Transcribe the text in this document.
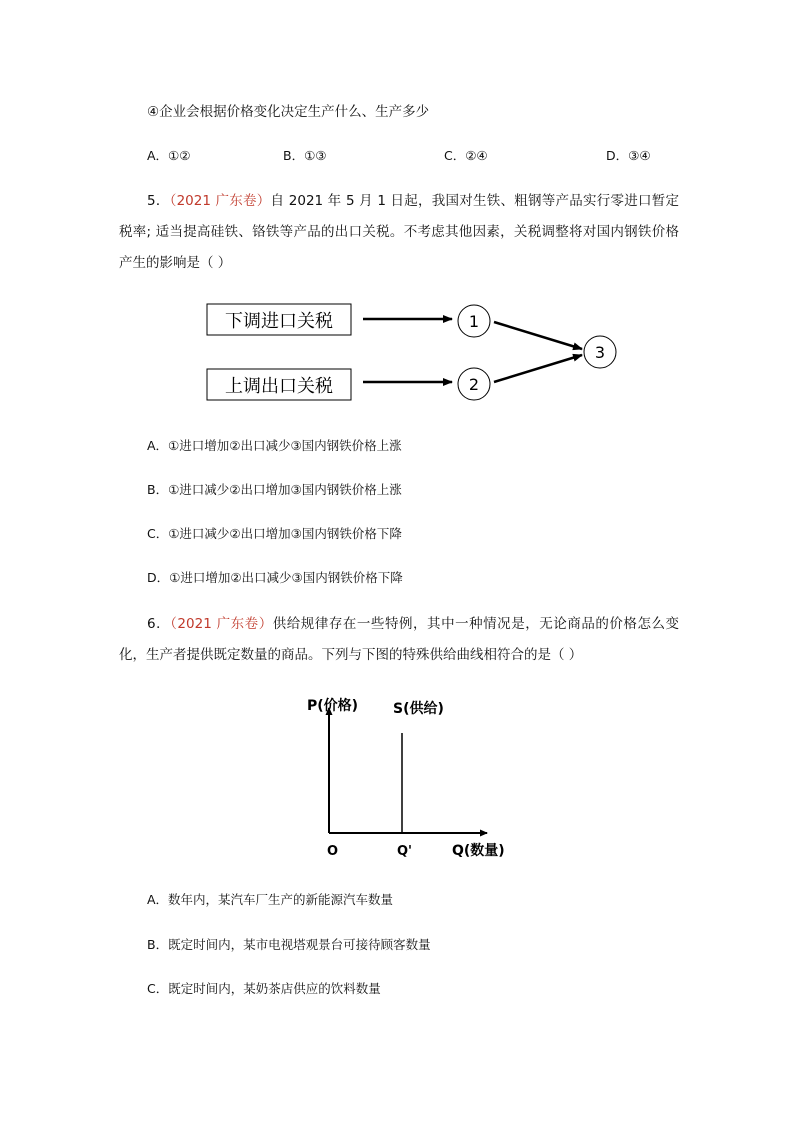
④企业会根据价格变化决定生产什么、生产多少
A．①②	B．①③	C．②④	D．③④
5．（2021 广东卷）自 2021 年 5 月 1 日起，我国对生铁、粗钢等产品实行零进口暂定税率; 适当提高硅铁、铬铁等产品的出口关税。不考虑其他因素，关税调整将对国内钢铁价格产生的影响是（ ）
下调进口关税
上调出口关税
1
2
3
A．①进口增加②出口减少③国内钢铁价格上涨
B．①进口减少②出口增加③国内钢铁价格上涨
C．①进口减少②出口增加③国内钢铁价格下降
D．①进口增加②出口减少③国内钢铁价格下降
6．（2021 广东卷）供给规律存在一些特例，其中一种情况是，无论商品的价格怎么变化，生产者提供既定数量的商品。下列与下图的特殊供给曲线相符合的是（ ）
P(价格) S(供给)
O	Q'	Q(数量)
A．数年内，某汽车厂生产的新能源汽车数量
B．既定时间内，某市电视塔观景台可接待顾客数量
C．既定时间内，某奶茶店供应的饮料数量
